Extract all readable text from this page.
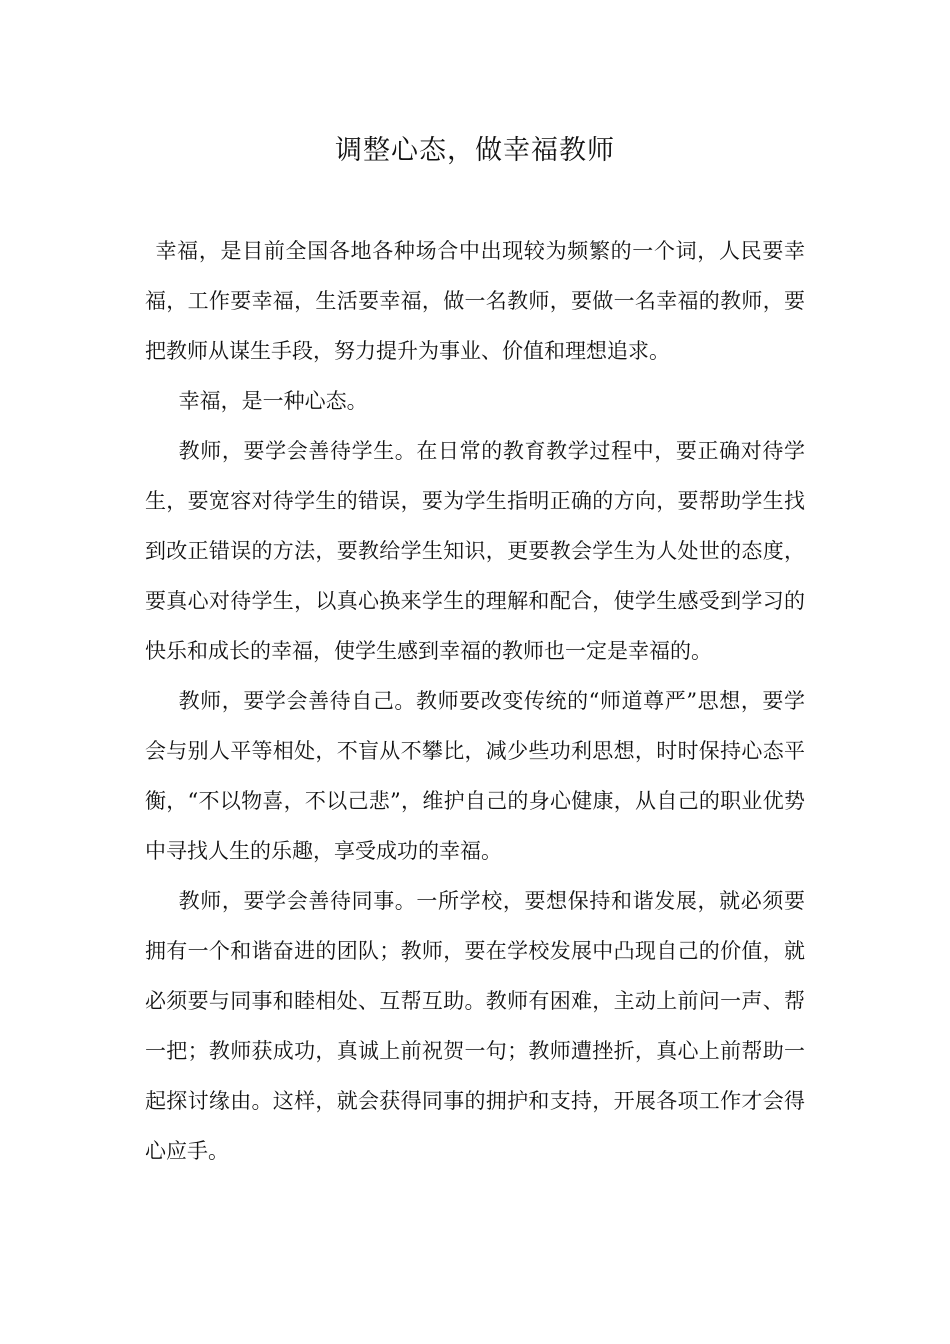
调整心态，做幸福教师

幸福，是目前全国各地各种场合中出现较为频繁的一个词，人民要幸福，工作要幸福，生活要幸福，做一名教师，要做一名幸福的教师，要把教师从谋生手段，努力提升为事业、价值和理想追求。

幸福，是一种心态。

教师，要学会善待学生。在日常的教育教学过程中，要正确对待学生，要宽容对待学生的错误，要为学生指明正确的方向，要帮助学生找到改正错误的方法，要教给学生知识，更要教会学生为人处世的态度，要真心对待学生，以真心换来学生的理解和配合，使学生感受到学习的快乐和成长的幸福，使学生感到幸福的教师也一定是幸福的。

教师，要学会善待自己。教师要改变传统的“师道尊严”思想，要学会与别人平等相处，不盲从不攀比，减少些功利思想，时时保持心态平衡，“不以物喜，不以己悲”，维护自己的身心健康，从自己的职业优势中寻找人生的乐趣，享受成功的幸福。

教师，要学会善待同事。一所学校，要想保持和谐发展，就必须要拥有一个和谐奋进的团队；教师，要在学校发展中凸现自己的价值，就必须要与同事和睦相处、互帮互助。教师有困难，主动上前问一声、帮一把；教师获成功，真诚上前祝贺一句；教师遭挫折，真心上前帮助一起探讨缘由。这样，就会获得同事的拥护和支持，开展各项工作才会得心应手。
